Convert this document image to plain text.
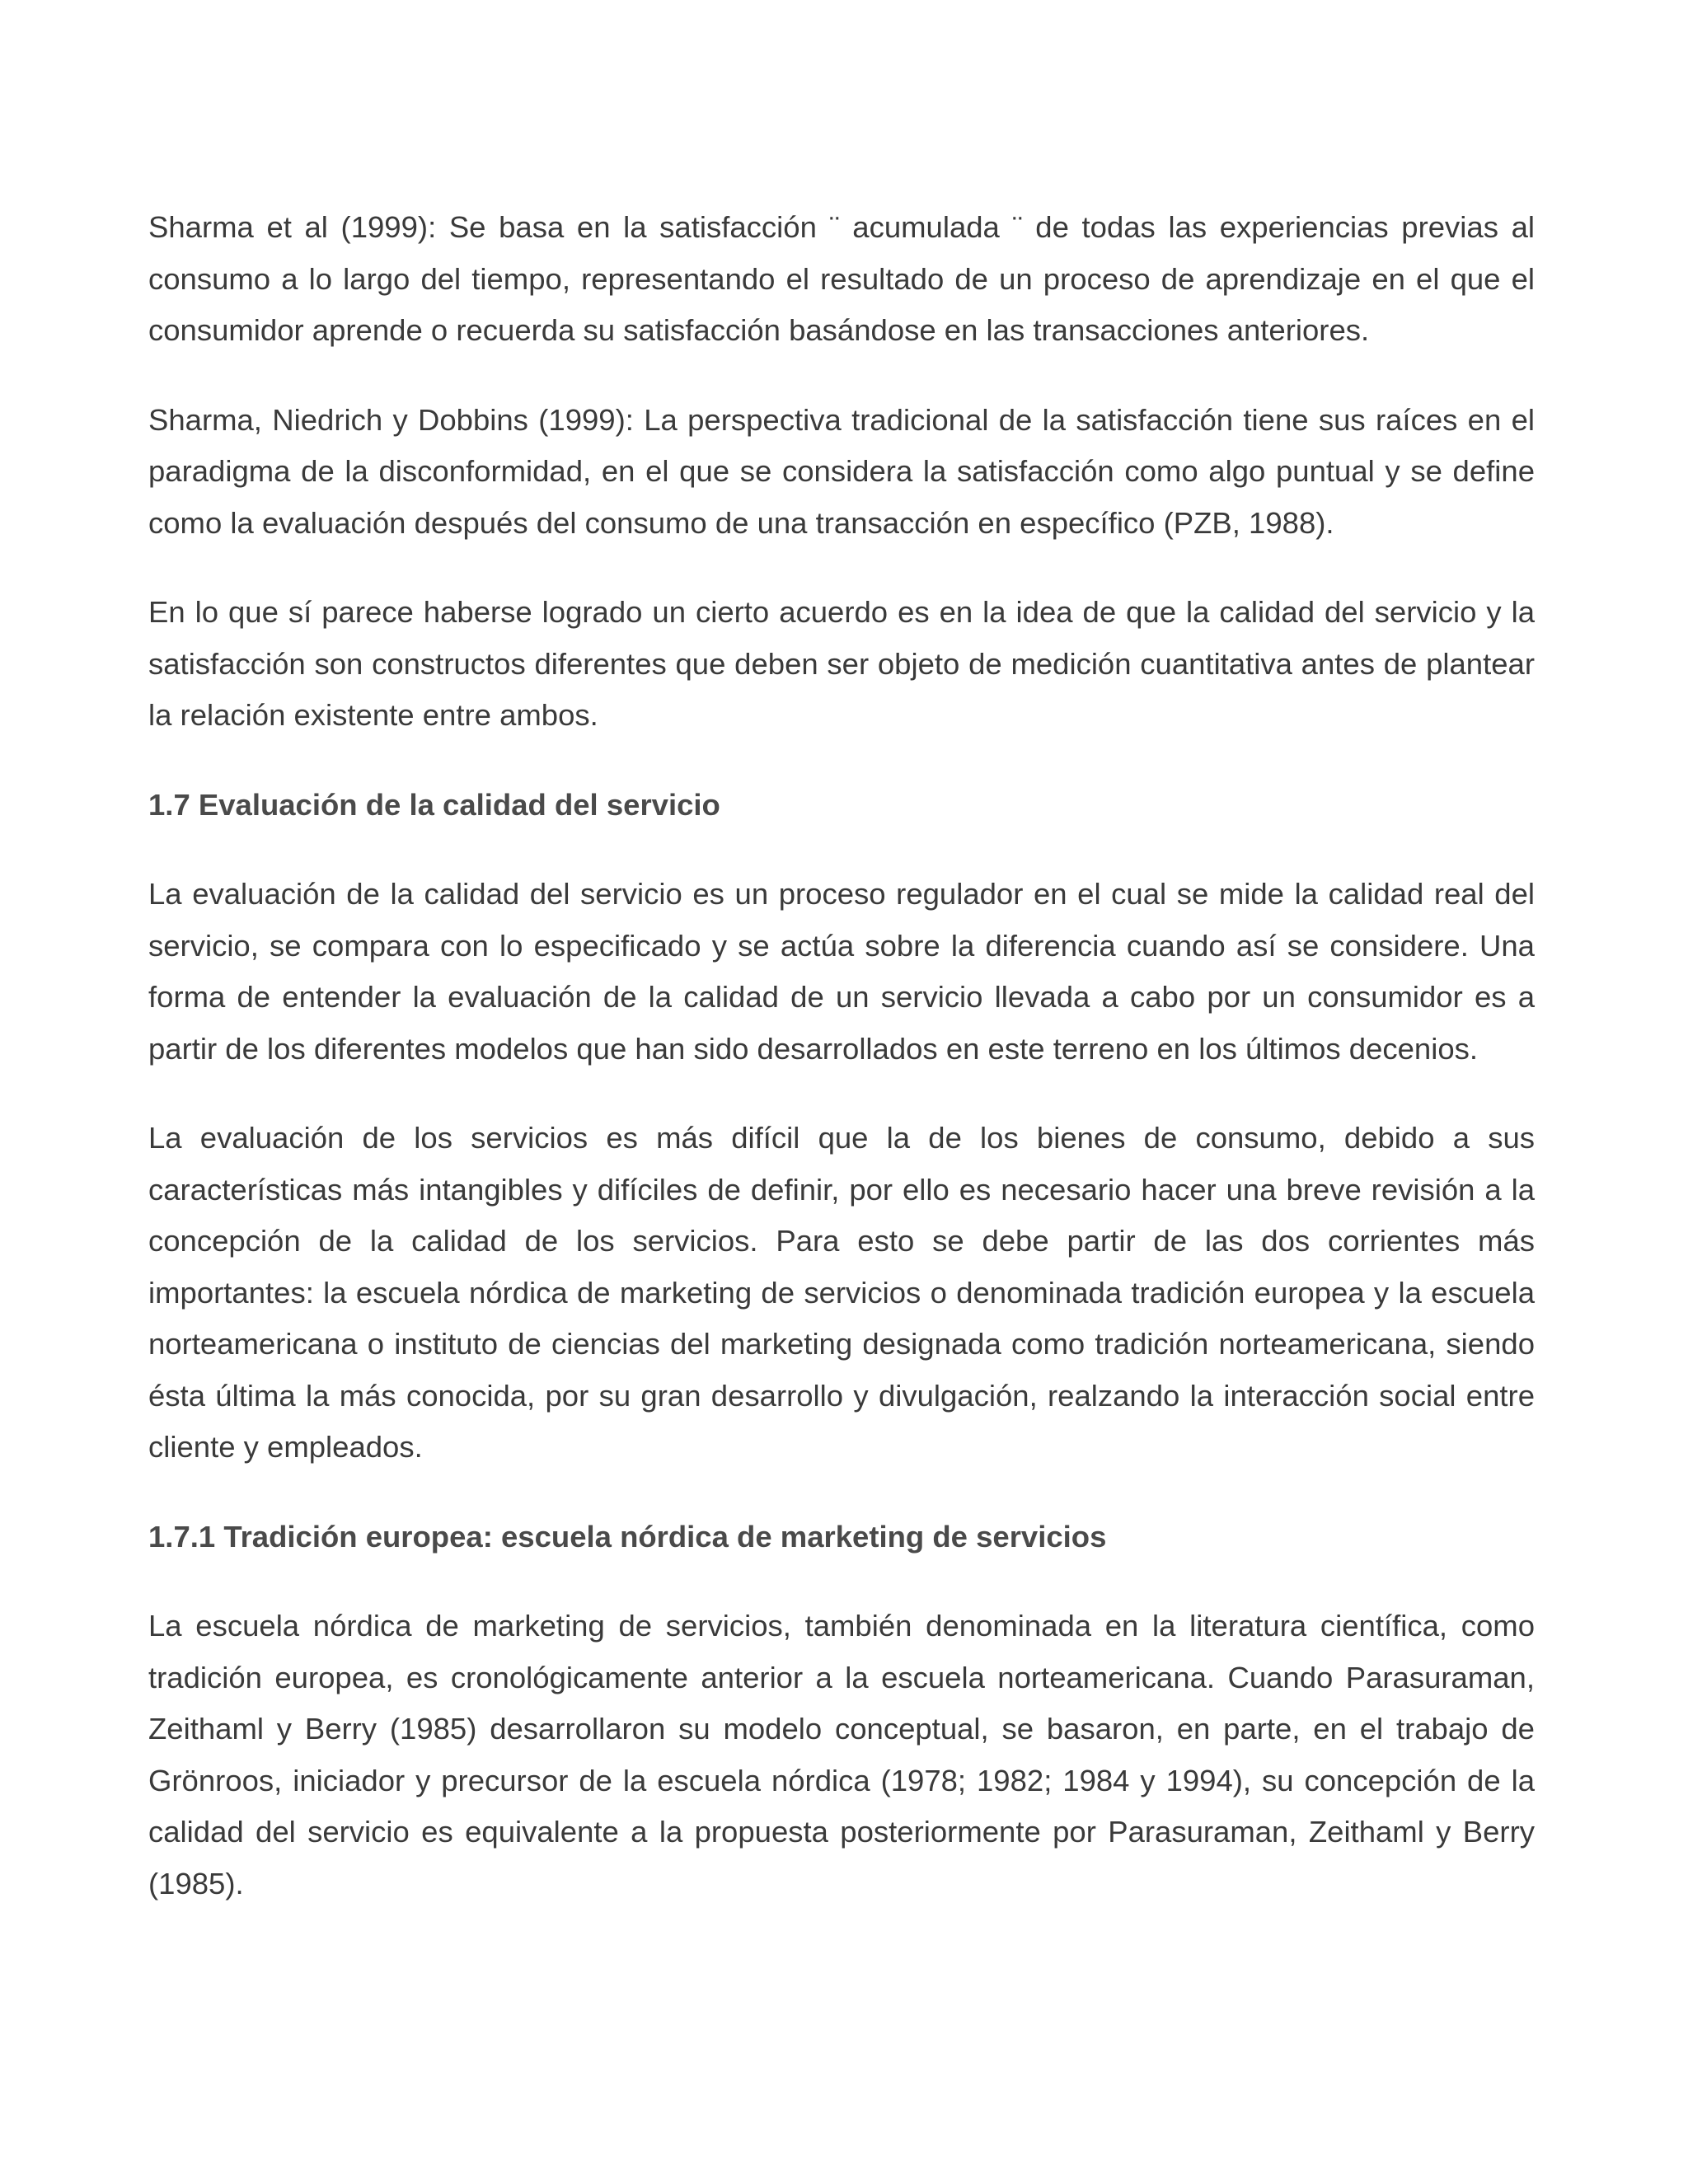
Sharma et al (1999): Se basa en la satisfacción ¨ acumulada ¨ de todas las experiencias previas al consumo a lo largo del tiempo, representando el resultado de un proceso de aprendizaje en el que el consumidor aprende o recuerda su satisfacción basándose en las transacciones anteriores.

Sharma, Niedrich y Dobbins (1999): La perspectiva tradicional de la satisfacción tiene sus raíces en el paradigma de la disconformidad, en el que se considera la satisfacción como algo puntual y se define como la evaluación después del consumo de una transacción en específico (PZB, 1988).

En lo que sí parece haberse logrado un cierto acuerdo es en la idea de que la calidad del servicio y la satisfacción son constructos diferentes que deben ser objeto de medición cuantitativa antes de plantear la relación existente entre ambos.

1.7 Evaluación de la calidad del servicio

La evaluación de la calidad del servicio es un proceso regulador en el cual se mide la calidad real del servicio, se compara con lo especificado y se actúa sobre la diferencia cuando así se considere. Una forma de entender la evaluación de la calidad de un servicio llevada a cabo por un consumidor es a partir de los diferentes modelos que han sido desarrollados en este terreno en los últimos decenios.

La evaluación de los servicios es más difícil que la de los bienes de consumo, debido a sus características más intangibles y difíciles de definir, por ello es necesario hacer una breve revisión a la concepción de la calidad de los servicios. Para esto se debe partir de las dos corrientes más importantes: la escuela nórdica de marketing de servicios o denominada tradición europea y la escuela norteamericana o instituto de ciencias del marketing designada como tradición norteamericana, siendo ésta última la más conocida, por su gran desarrollo y divulgación, realzando la interacción social entre cliente y empleados.

1.7.1 Tradición europea: escuela nórdica de marketing de servicios

La escuela nórdica de marketing de servicios, también denominada en la literatura científica, como tradición europea, es cronológicamente anterior a la escuela norteamericana. Cuando Parasuraman, Zeithaml y Berry (1985) desarrollaron su modelo conceptual, se basaron, en parte, en el trabajo de Grönroos, iniciador y precursor de la escuela nórdica (1978; 1982; 1984 y 1994), su concepción de la calidad del servicio es equivalente a la propuesta posteriormente por Parasuraman, Zeithaml y Berry (1985).
